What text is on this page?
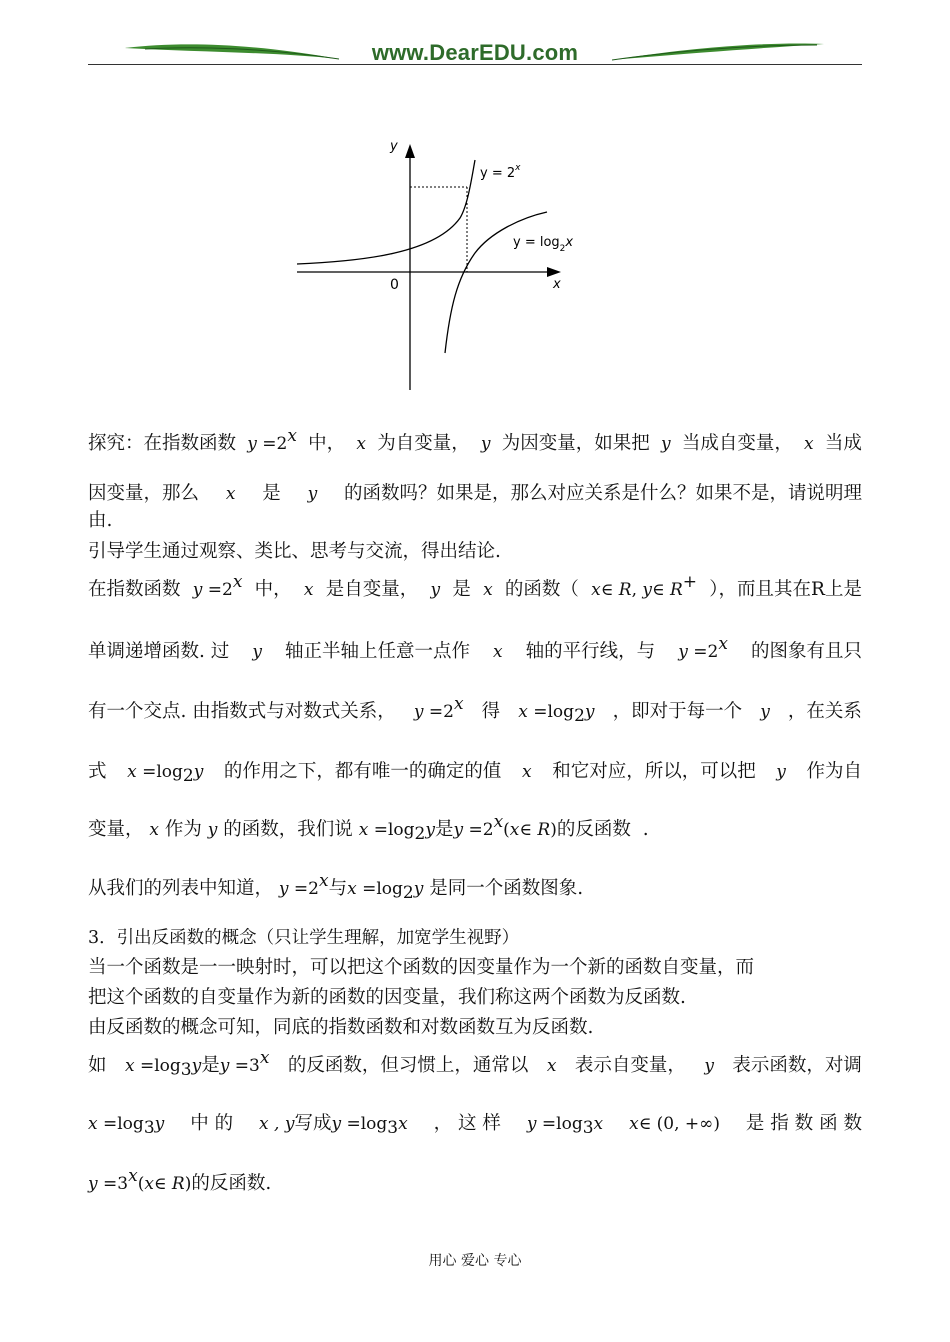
www.DearEDU.com
y
x
0
$y = 2^x$
$y = \log_2x$
探究：在指数函数 $y =2^x$ 中， x 为自变量， y 为因变量，如果把 y 当成自变量， x 当成
因变量，那么 x 是 y 的函数吗？如果是，那么对应关系是什么？如果不是，请说明理
由.
引导学生通过观察、类比、思考与交流，得出结论.
在指数函数 $y =2^x$ 中， x 是自变量， y 是 x 的函数（ x∈ R, y∈ R+ ），而且其在R上是
单调递增函数. 过 y 轴正半轴上任意一点作 x 轴的平行线，与 $y =2^x$ 的图象有且只
有一个交点. 由指数式与对数式关系， $y =2^x$ 得 $x =\log_2y$ ，即对于每一个 y ，在关系
式 $x =\log_2y$ 的作用之下，都有唯一的确定的值 x 和它对应，所以，可以把 y 作为自
变量， x 作为 y 的函数，我们说 $x =\log_2y$是$y =2^x(x\in$ R)的反函数 .
从我们的列表中知道， $y =2^x$与$x =\log_2y$ 是同一个函数图象.
3．引出反函数的概念（只让学生理解，加宽学生视野）
当一个函数是一一映射时，可以把这个函数的因变量作为一个新的函数自变量，而
把这个函数的自变量作为新的函数的因变量，我们称这两个函数为反函数.
由反函数的概念可知，同底的指数函数和对数函数互为反函数.
如 $x =\log_3y$是$y =3^x$ 的反函数，但习惯上，通常以 x 表示自变量， y 表示函数，对调
$x =\log_3y$ 中 的 x , y写成$y =\log_3x$ ， 这 样 $y =\log_3x$ x∈ (0, +∞) 是 指 数 函 数
$y =3^x(x\in$ R)的反函数.
用心 爱心 专心
